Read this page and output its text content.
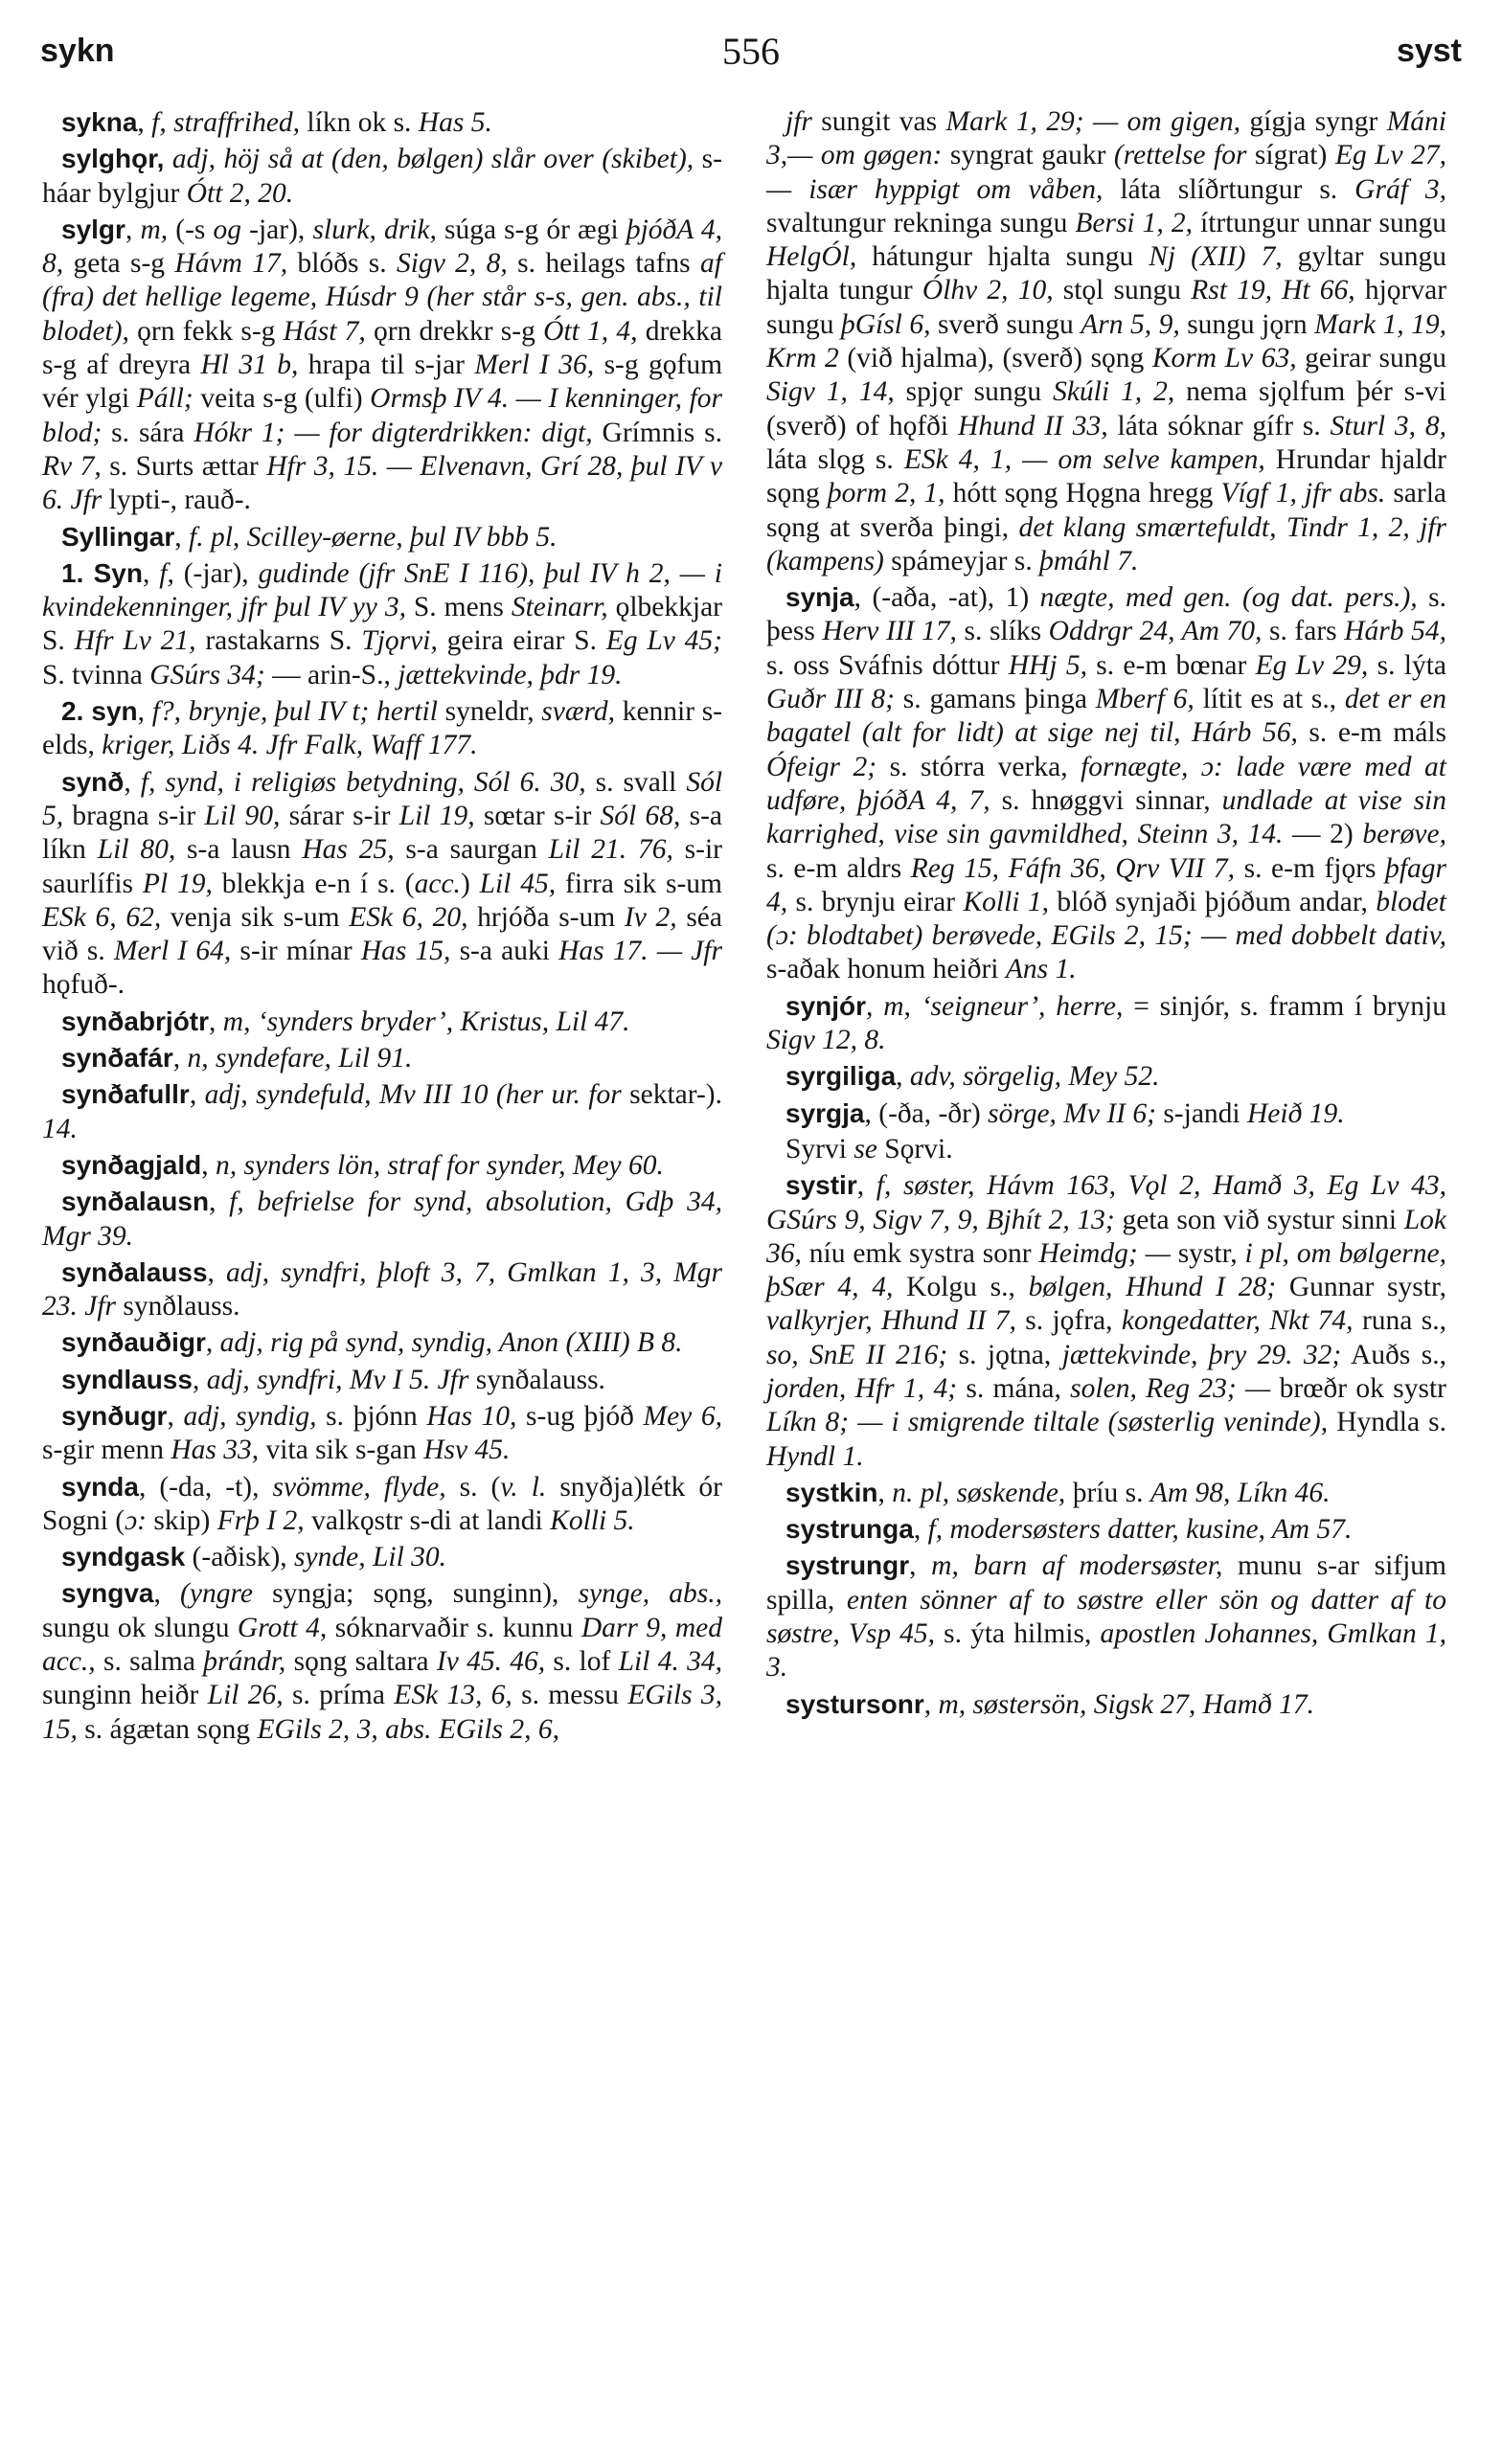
sykn	556	syst

sykna, f, straffrihed, líkn ok s. Has 5.

sylghǫr, adj, höj så at (den, bølgen) slår over (skibet), s-háar bylgjur Ótt 2, 20.

sylgr, m, (-s og -jar), slurk, drik, súga s-g ór ægi þjóðA 4, 8, geta s-g Hávm 17, blóðs s. Sigv 2, 8, s. heilags tafns af (fra) det hellige legeme, Húsdr 9 (her står s-s, gen. abs., til blodet), ǫrn fekk s-g Hást 7, ǫrn drekkr s-g Ótt 1, 4, drekka s-g af dreyra Hl 31 b, hrapa til s-jar Merl I 36, s-g gǫfum vér ylgi Páll; veita s-g (ulfi) Ormsþ IV 4. — I kenninger, for blod; s. sára Hókr 1; — for digterdrikken: digt, Grímnis s. Rv 7, s. Surts ættar Hfr 3, 15. — Elvenavn, Grí 28, þul IV v 6. Jfr lypti-, rauð-.

Syllingar, f. pl, Scilley-øerne, þul IV bbb 5.

1. Syn, f, (-jar), gudinde (jfr SnE I 116), þul IV h 2, — i kvindekenninger, jfr þul IV yy 3, S. mens Steinarr, ǫlbekkjar S. Hfr Lv 21, rastakarns S. Tjǫrvi, geira eirar S. Eg Lv 45; S. tvinna GSúrs 34; — arin-S., jættekvinde, þdr 19.

2. syn, f?, brynje, þul IV t; hertil syneldr, sværd, kennir s-elds, kriger, Liðs 4. Jfr Falk, Waff 177.

synð, f, synd, i religiøs betydning, Sól 6. 30, s. svall Sól 5, bragna s-ir Lil 90, sárar s-ir Lil 19, sœtar s-ir Sól 68, s-a líkn Lil 80, s-a lausn Has 25, s-a saurgan Lil 21. 76, s-ir saurlífis Pl 19, blekkja e-n í s. (acc.) Lil 45, firra sik s-um ESk 6, 62, venja sik s-um ESk 6, 20, hrjóða s-um Iv 2, séa við s. Merl I 64, s-ir mínar Has 15, s-a auki Has 17. — Jfr hǫfuð-.

synðabrjótr, m, ‘synders bryder’, Kristus, Lil 47.

synðafár, n, syndefare, Lil 91.

synðafullr, adj, syndefuld, Mv III 10 (her ur. for sektar-). 14.

synðagjald, n, synders lön, straf for synder, Mey 60.

synðalausn, f, befrielse for synd, absolution, Gdþ 34, Mgr 39.

synðalauss, adj, syndfri, þloft 3, 7, Gmlkan 1, 3, Mgr 23. Jfr synðlauss.

synðauðigr, adj, rig på synd, syndig, Anon (XIII) B 8.

syndlauss, adj, syndfri, Mv I 5. Jfr synðalauss.

synðugr, adj, syndig, s. þjónn Has 10, s-ug þjóð Mey 6, s-gir menn Has 33, vita sik s-gan Hsv 45.

synda, (-da, -t), svömme, flyde, s. (v. l. snyðja)létk ór Sogni (ɔ: skip) Frþ I 2, valkǫstr s-di at landi Kolli 5.

syndgask (-aðisk), synde, Lil 30.

syngva, (yngre syngja; sǫng, sunginn), synge, abs., sungu ok slungu Grott 4, sóknarvaðir s. kunnu Darr 9, med acc., s. salma þrándr, sǫng saltara Iv 45. 46, s. lof Lil 4. 34, sunginn heiðr Lil 26, s. príma ESk 13, 6, s. messu EGils 3, 15, s. ágætan sǫng EGils 2, 3, abs. EGils 2, 6,

jfr sungit vas Mark 1, 29; — om gigen, gígja syngr Máni 3,— om gøgen: syngrat gaukr (rettelse for sígrat) Eg Lv 27, — især hyppigt om våben, láta slíðrtungur s. Gráf 3, svaltungur rekninga sungu Bersi 1, 2, ítrtungur unnar sungu HelgÓl, hátungur hjalta sungu Nj (XII) 7, gyltar sungu hjalta tungur Ólhv 2, 10, stǫl sungu Rst 19, Ht 66, hjǫrvar sungu þGísl 6, sverð sungu Arn 5, 9, sungu jǫrn Mark 1, 19, Krm 2 (við hjalma), (sverð) sǫng Korm Lv 63, geirar sungu Sigv 1, 14, spjǫr sungu Skúli 1, 2, nema sjǫlfum þér s-vi (sverð) of hǫfði Hhund II 33, láta sóknar gífr s. Sturl 3, 8, láta slǫg s. ESk 4, 1, — om selve kampen, Hrundar hjaldr sǫng þorm 2, 1, hótt sǫng Hǫgna hregg Vígf 1, jfr abs. sarla sǫng at sverða þingi, det klang smærtefuldt, Tindr 1, 2, jfr (kampens) spámeyjar s. þmáhl 7.

synja, (-aða, -at), 1) nægte, med gen. (og dat. pers.), s. þess Herv III 17, s. slíks Oddrgr 24, Am 70, s. fars Hárb 54, s. oss Sváfnis dóttur HHj 5, s. e-m bœnar Eg Lv 29, s. lýta Guðr III 8; s. gamans þinga Mberf 6, lítit es at s., det er en bagatel (alt for lidt) at sige nej til, Hárb 56, s. e-m máls Ófeigr 2; s. stórra verka, fornægte, ɔ: lade være med at udføre, þjóðA 4, 7, s. hnøggvi sinnar, undlade at vise sin karrighed, vise sin gavmildhed, Steinn 3, 14. — 2) berøve, s. e-m aldrs Reg 15, Fáfn 36, Qrv VII 7, s. e-m fjǫrs þfagr 4, s. brynju eirar Kolli 1, blóð synjaði þjóðum andar, blodet (ɔ: blodtabet) berøvede, EGils 2, 15; — med dobbelt dativ, s-aðak honum heiðri Ans 1.

synjór, m, ‘seigneur’, herre, = sinjór, s. framm í brynju Sigv 12, 8.

syrgiliga, adv, sörgelig, Mey 52.

syrgja, (-ða, -ðr) sörge, Mv II 6; s-jandi Heið 19.

Syrvi se Sǫrvi.

systir, f, søster, Hávm 163, Vǫl 2, Hamð 3, Eg Lv 43, GSúrs 9, Sigv 7, 9, Bjhít 2, 13; geta son við systur sinni Lok 36, níu emk systra sonr Heimdg; — systr, i pl, om bølgerne, þSær 4, 4, Kolgu s., bølgen, Hhund I 28; Gunnar systr, valkyrjer, Hhund II 7, s. jǫfra, kongedatter, Nkt 74, runa s., so, SnE II 216; s. jǫtna, jættekvinde, þry 29. 32; Auðs s., jorden, Hfr 1, 4; s. mána, solen, Reg 23; — brœðr ok systr Líkn 8; — i smigrende tiltale (søsterlig veninde), Hyndla s. Hyndl 1.

systkin, n. pl, søskende, þríu s. Am 98, Líkn 46.

systrunga, f, modersøsters datter, kusine, Am 57.

systrungr, m, barn af modersøster, munu s-ar sifjum spilla, enten sönner af to søstre eller sön og datter af to søstre, Vsp 45, s. ýta hilmis, apostlen Johannes, Gmlkan 1, 3.

systursonr, m, søstersön, Sigsk 27, Hamð 17.
